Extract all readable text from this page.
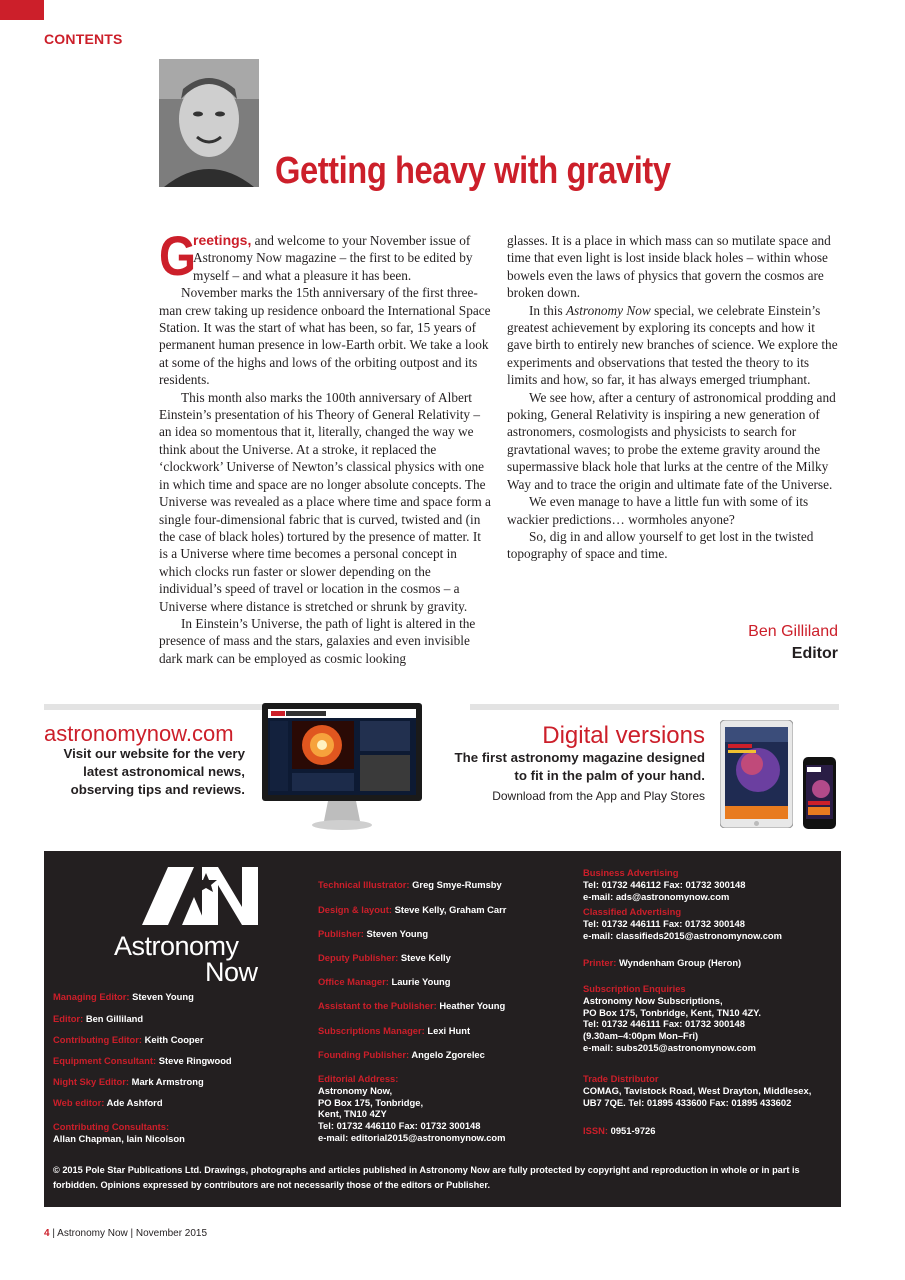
CONTENTS
Getting heavy with gravity

G
reetings, and welcome to your November issue of Astronomy Now magazine – the first to be edited by myself – and what a pleasure it has been.

November marks the 15th anniversary of the first three-man crew taking up residence onboard the International Space Station. It was the start of what has been, so far, 15 years of permanent human presence in low-Earth orbit. We take a look at some of the highs and lows of the orbiting outpost and its residents.

This month also marks the 100th anniversary of Albert Einstein’s presentation of his Theory of General Relativity – an idea so momentous that it, literally, changed the way we think about the Universe. At a stroke, it replaced the ‘clockwork’ Universe of Newton’s classical physics with one in which time and space are no longer absolute concepts. The Universe was revealed as a place where time and space form a single four-dimensional fabric that is curved, twisted and (in the case of black holes) tortured by the presence of matter. It is a Universe where time becomes a personal concept in which clocks run faster or slower depending on the individual’s speed of travel or location in the cosmos – a Universe where distance is stretched or shrunk by gravity.

In Einstein’s Universe, the path of light is altered in the presence of mass and the stars, galaxies and even invisible dark mark can be employed as cosmic looking

glasses. It is a place in which mass can so mutilate space and time that even light is lost inside black holes – within whose bowels even the laws of physics that govern the cosmos are broken down.

In this Astronomy Now special, we celebrate Einstein’s greatest achievement by exploring its concepts and how it gave birth to entirely new branches of science. We explore the experiments and observations that tested the theory to its limits and how, so far, it has always emerged triumphant.

We see how, after a century of astronomical prodding and poking, General Relativity is inspiring a new generation of astronomers, cosmologists and physicists to search for gravtational waves; to probe the exteme gravity around the supermassive black hole that lurks at the centre of the Milky Way and to trace the origin and ultimate fate of the Universe.

We even manage to have a little fun with some of its wackier predictions… wormholes anyone?

So, dig in and allow yourself to get lost in the twisted topography of space and time.

Ben Gilliland
Editor
astronomynow.com
Visit our website for the very
latest astronomical news,
observing tips and reviews.
Digital versions
The first astronomy magazine designed
to fit in the palm of your hand.
Download from the App and Play Stores
Astronomy
Now
Managing Editor: Steven Young
Editor: Ben Gilliland
Contributing Editor: Keith Cooper
Equipment Consultant: Steve Ringwood
Night Sky Editor: Mark Armstrong
Web editor: Ade Ashford
Contributing Consultants:
Allan Chapman, Iain Nicolson
Technical Illustrator: Greg Smye-Rumsby
Design & layout: Steve Kelly, Graham Carr
Publisher: Steven Young
Deputy Publisher: Steve Kelly
Office Manager: Laurie Young
Assistant to the Publisher: Heather Young
Subscriptions Manager: Lexi Hunt
Founding Publisher: Angelo Zgorelec
Editorial Address:
Astronomy Now,
PO Box 175, Tonbridge,
Kent, TN10 4ZY
Tel: 01732 446110 Fax: 01732 300148
e-mail: editorial2015@astronomynow.com
Business Advertising
Tel: 01732 446112 Fax: 01732 300148
e-mail: ads@astronomynow.com
Classified Advertising
Tel: 01732 446111 Fax: 01732 300148
e-mail: classifieds2015@astronomynow.com
Printer: Wyndenham Group (Heron)
Subscription Enquiries
Astronomy Now Subscriptions,
PO Box 175, Tonbridge, Kent, TN10 4ZY.
Tel: 01732 446111 Fax: 01732 300148
(9.30am–4:00pm Mon–Fri)
e-mail: subs2015@astronomynow.com
Trade Distributor
COMAG, Tavistock Road, West Drayton, Middlesex,
UB7 7QE. Tel: 01895 433600 Fax: 01895 433602
ISSN: 0951-9726
© 2015 Pole Star Publications Ltd. Drawings, photographs and articles published in Astronomy Now are fully protected by copyright and reproduction in whole or in part is forbidden. Opinions expressed by contributors are not necessarily those of the editors or Publisher.
4 | Astronomy Now | November 2015
